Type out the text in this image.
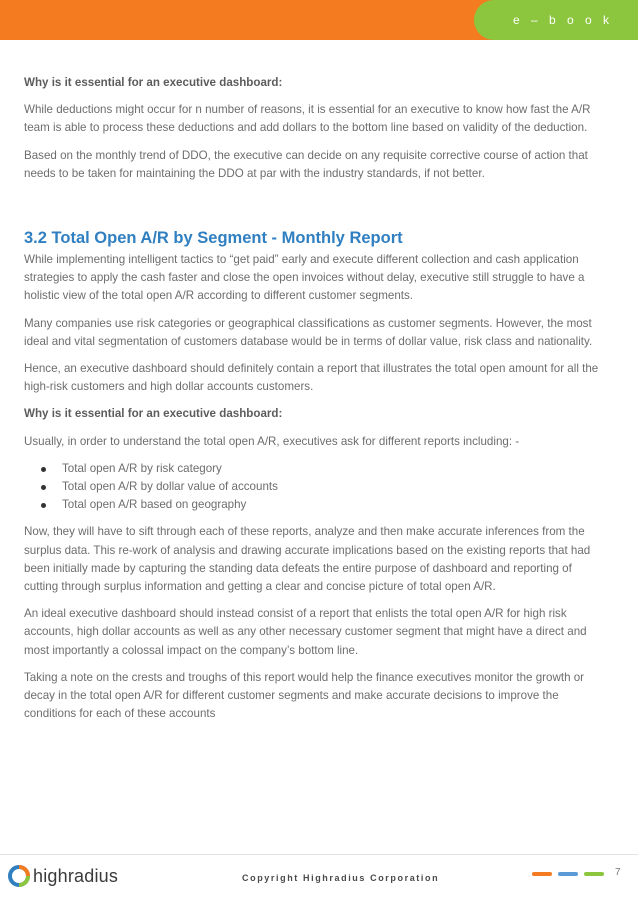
e – b o o k

Why is it essential for an executive dashboard:

While deductions might occur for n number of reasons, it is essential for an executive to know how fast the A/R team is able to process these deductions and add dollars to the bottom line based on validity of the deduction.

Based on the monthly trend of DDO, the executive can decide on any requisite corrective course of action that needs to be taken for maintaining the DDO at par with the industry standards, if not better.

3.2 Total Open A/R by Segment - Monthly Report

While implementing intelligent tactics to “get paid” early and execute different collection and cash application strategies to apply the cash faster and close the open invoices without delay, executive still struggle to have a holistic view of the total open A/R according to different customer segments.

Many companies use risk categories or geographical classifications as customer segments. However, the most ideal and vital segmentation of customers database would be in terms of dollar value, risk class and nationality.

Hence, an executive dashboard should definitely contain a report that illustrates the total open amount for all the high-risk customers and high dollar accounts customers.

Why is it essential for an executive dashboard:

Usually, in order to understand the total open A/R, executives ask for different reports including: -

Total open A/R by risk category
Total open A/R by dollar value of accounts
Total open A/R based on geography

Now, they will have to sift through each of these reports, analyze and then make accurate inferences from the surplus data. This re-work of analysis and drawing accurate implications based on the existing reports that had been initially made by capturing the standing data defeats the entire purpose of dashboard and reporting of cutting through surplus information and getting a clear and concise picture of total open A/R.

An ideal executive dashboard should instead consist of a report that enlists the total open A/R for high risk accounts, high dollar accounts as well as any other necessary customer segment that might have a direct and most importantly a colossal impact on the company’s bottom line.

Taking a note on the crests and troughs of this report would help the finance executives monitor the growth or decay in the total open A/R for different customer segments and make accurate decisions to improve the conditions for each of these accounts

highradius	Copyright Highradius Corporation	7
